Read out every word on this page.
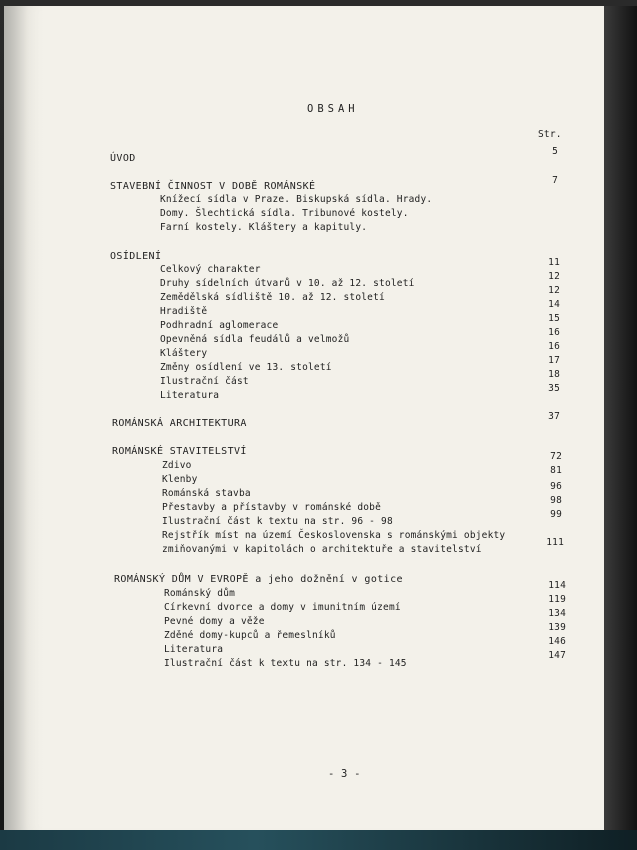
OBSAH
Str.
ÚVOD
5
STAVEBNÍ ČINNOST V DOBĚ ROMÁNSKÉ
7
Knížecí sídla v Praze. Biskupská sídla. Hrady.
Domy. Šlechtická sídla. Tribunové kostely.
Farní kostely. Kláštery a kapituly.
OSÍDLENÍ
Celkový charakter
11
Druhy sídelních útvarů v 10. až 12. století
12
Zemědělská sídliště 10. až 12. století
12
Hradiště
14
Podhradní aglomerace
15
Opevněná sídla feudálů a velmožů
16
Kláštery
16
Změny osídlení ve 13. století
17
Ilustrační část
18
Literatura
35
ROMÁNSKÁ ARCHITEKTURA
37
ROMÁNSKÉ STAVITELSTVÍ
Zdivo
72
Klenby
81
Románská stavba
96
Přestavby a přístavby v románské době
98
Ilustrační část k textu na str. 96 - 98
99
Rejstřík míst na území Československa s románskými objekty
zmiňovanými v kapitolách o architektuře a stavitelství
111
ROMÁNSKÝ DŮM V EVROPĚ a jeho dožnění v gotice
Románský dům
114
Církevní dvorce a domy v imunitním území
119
Pevné domy a věže
134
Zděné domy-kupců a řemeslníků
139
Literatura
146
Ilustrační část k textu na str. 134 - 145
147
- 3 -
